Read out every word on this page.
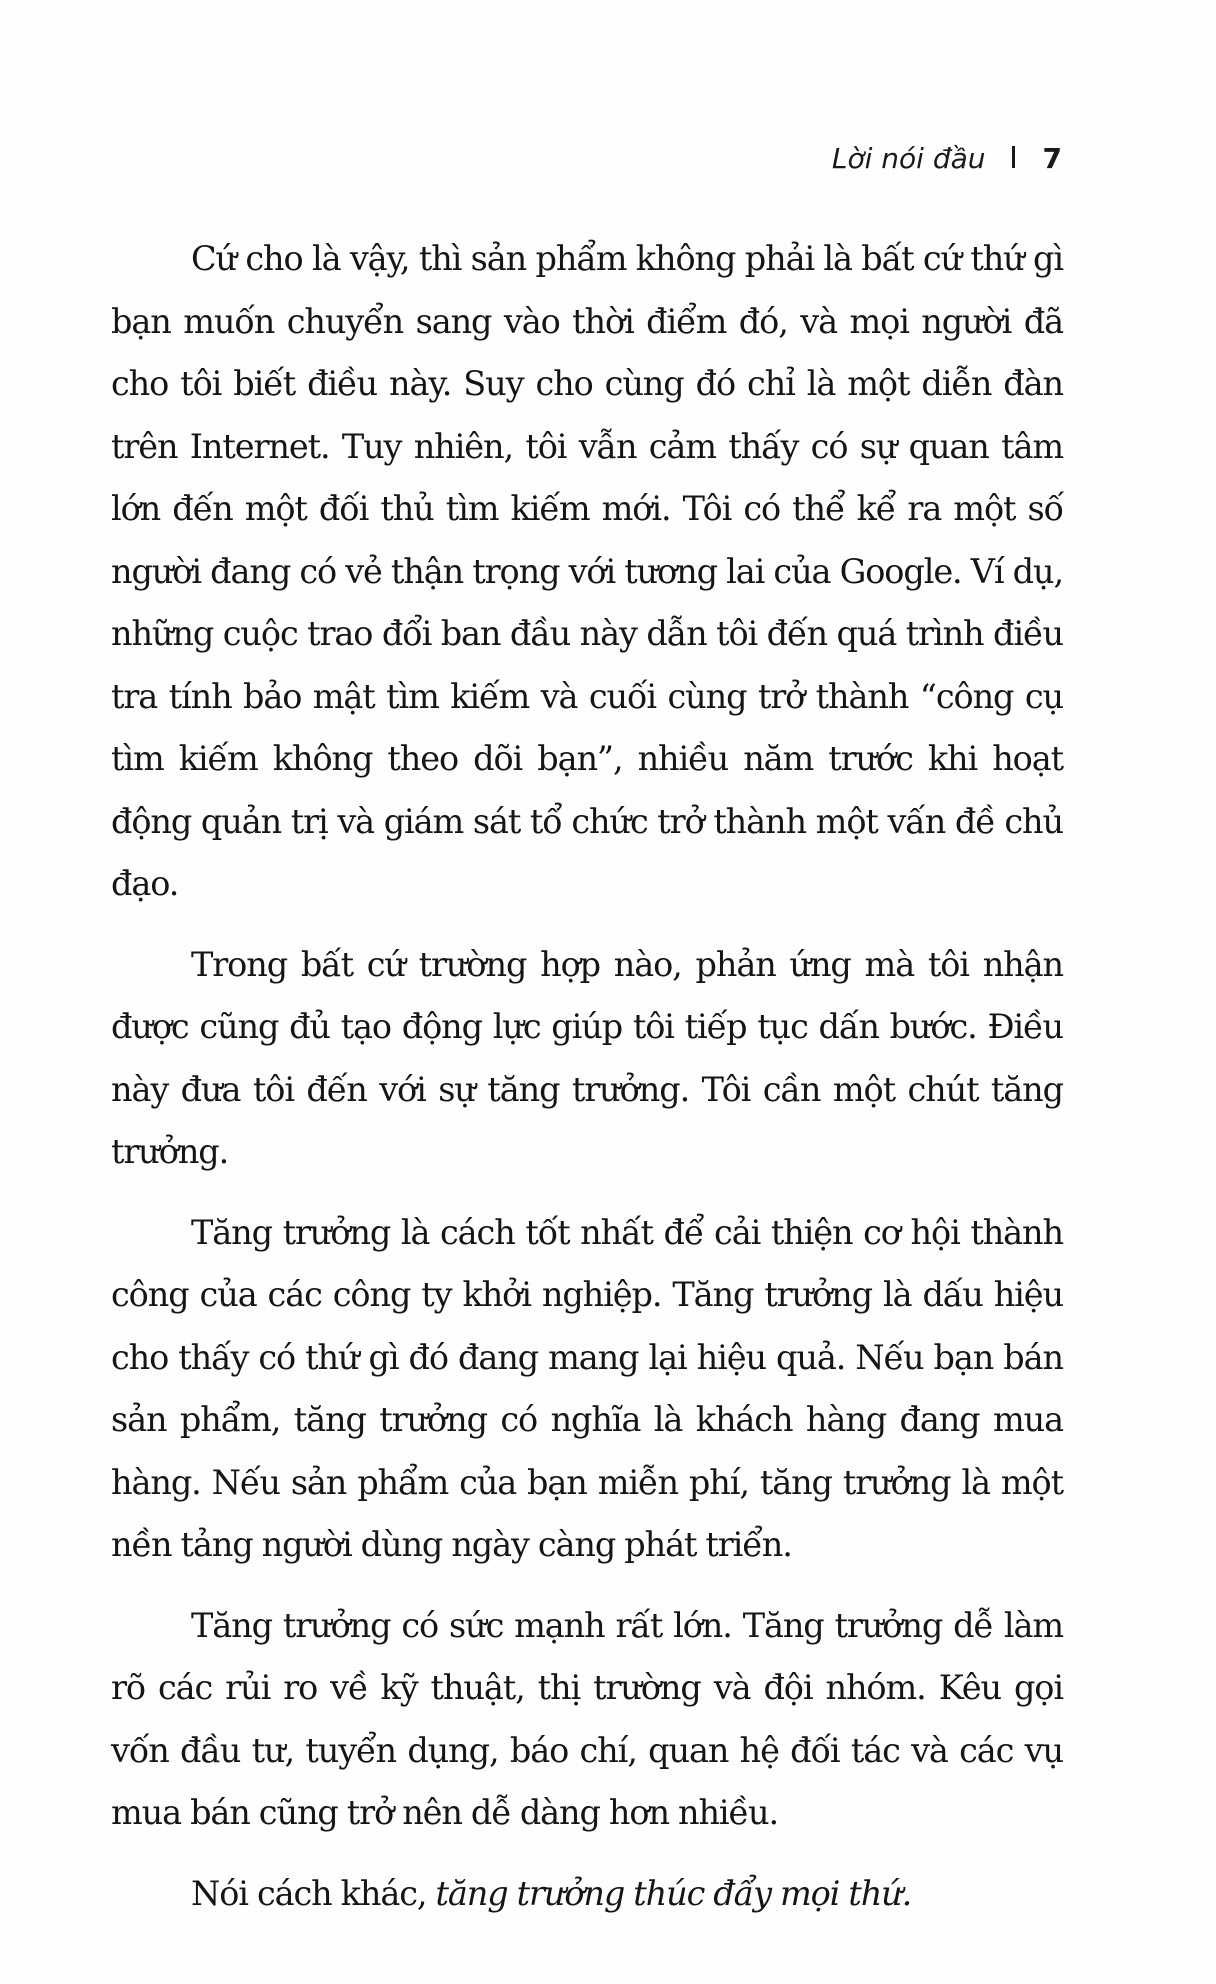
Lời nói đầu 7

Cứ cho là vậy, thì sản phẩm không phải là bất cứ thứ gì bạn muốn chuyển sang vào thời điểm đó, và mọi người đã cho tôi biết điều này. Suy cho cùng đó chỉ là một diễn đàn trên Internet. Tuy nhiên, tôi vẫn cảm thấy có sự quan tâm lớn đến một đối thủ tìm kiếm mới. Tôi có thể kể ra một số người đang có vẻ thận trọng với tương lai của Google. Ví dụ, những cuộc trao đổi ban đầu này dẫn tôi đến quá trình điều tra tính bảo mật tìm kiếm và cuối cùng trở thành “công cụ tìm kiếm không theo dõi bạn”, nhiều năm trước khi hoạt động quản trị và giám sát tổ chức trở thành một vấn đề chủ đạo.

Trong bất cứ trường hợp nào, phản ứng mà tôi nhận được cũng đủ tạo động lực giúp tôi tiếp tục dấn bước. Điều này đưa tôi đến với sự tăng trưởng. Tôi cần một chút tăng trưởng.

Tăng trưởng là cách tốt nhất để cải thiện cơ hội thành công của các công ty khởi nghiệp. Tăng trưởng là dấu hiệu cho thấy có thứ gì đó đang mang lại hiệu quả. Nếu bạn bán sản phẩm, tăng trưởng có nghĩa là khách hàng đang mua hàng. Nếu sản phẩm của bạn miễn phí, tăng trưởng là một nền tảng người dùng ngày càng phát triển.

Tăng trưởng có sức mạnh rất lớn. Tăng trưởng dễ làm rõ các rủi ro về kỹ thuật, thị trường và đội nhóm. Kêu gọi vốn đầu tư, tuyển dụng, báo chí, quan hệ đối tác và các vụ mua bán cũng trở nên dễ dàng hơn nhiều.

Nói cách khác, tăng trưởng thúc đẩy mọi thứ.
